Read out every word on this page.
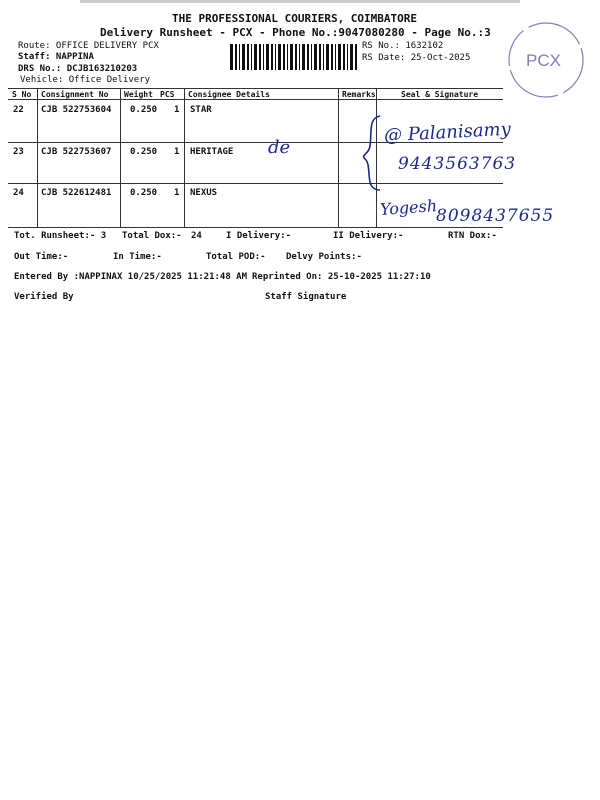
THE PROFESSIONAL COURIERS, COIMBATORE
Delivery Runsheet - PCX - Phone No.:9047080280 - Page No.:3
Route: OFFICE DELIVERY PCX
Staff: NAPPINA
DRS No.: DCJB163210203
Vehicle: Office Delivery
RS No.: 1632102
RS Date: 25-Oct-2025	PCX
S No Consignment No Weight PCS Consignee Details	Remarks	Seal & Signature
22 CJB 522753604 0.250 1 STAR
23 CJB 522753607 0.250 1 HERITAGE
24 CJB 522612481 0.250 1 NEXUS
de
@ Palanisamy
9443563763
Yogesh
8098437655
Tot. Runsheet:- 3 Total Dox:- 24	I Delivery:-	II Delivery:-	RTN Dox:-
Out Time:-	In Time:-	Total POD:- Delvy Points:-
Entered By :NAPPINAX 10/25/2025 11:21:48 AM Reprinted On: 25-10-2025 11:27:10
Verified By	Staff Signature
